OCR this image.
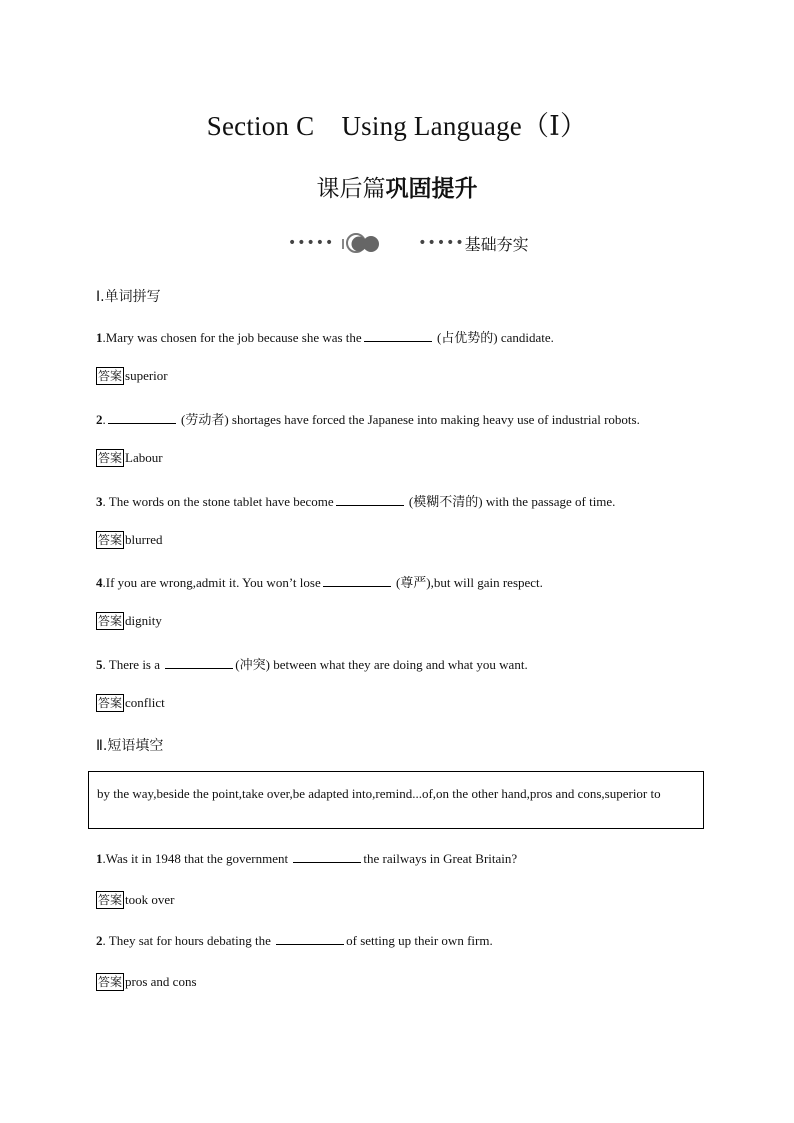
Section C　Using Language（Ⅰ）
课后篇巩固提升
•••••	••••• 基础夯实
Ⅰ.单词拼写
1.Mary was chosen for the job because she was the	(占优势的) candidate.
答案 superior
2.	(劳动者) shortages have forced the Japanese into making heavy use of industrial robots.
答案 Labour
3. The words on the stone tablet have become	(模糊不清的) with the passage of time.
答案 blurred
4.If you are wrong,admit it. You won’t lose	(尊严),but will gain respect.
答案 dignity
5. There is a	(冲突) between what they are doing and what you want.
答案 conflict
Ⅱ.短语填空
by the way,beside the point,take over,be adapted into,remind...of,on the other hand,pros and cons,superior to
1.Was it in 1948 that the government	the railways in Great Britain?
答案 took over
2. They sat for hours debating the	of setting up their own firm.
答案 pros and cons
